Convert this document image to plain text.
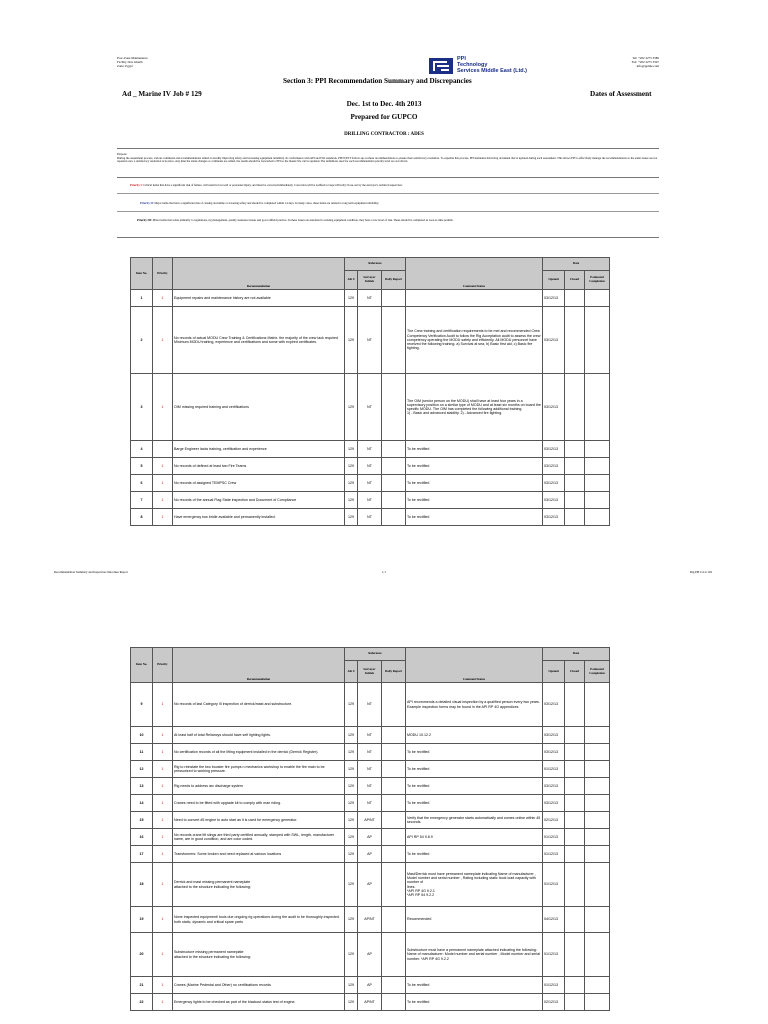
Proc-Zone Maintenance
Facility: Ras Gharib
Zone: Egypt
PPI
Technology
Services Middle East (Ltd.)
Tel: +202 2275 3580
Fax: +202 2275 3597
info@ppime.com
Section 3: PPI Recommendation Summary and Discrepancies
Ad _ Marine IV Job # 129	Dates of Assessment
Dec. 1st to Dec. 4th 2013
Prepared for GUPCO
DRILLING CONTRACTOR : ADES
Purpose:
During the assessment process, various comments and recommendations aimed at steadily improving safety and increasing equipment reliability. In conformance with API and ISO standards, PPI/WEST follows up on these recommendations to ensure their satisfactory resolution. To expedite this process, PPI maintains this living document that is updated during each assessment. This allows PPI to effectively manage the recommendations so the same issues are not repeated once a satisfactory resolution is in place. Any time the status changes or comments are added, the results should be forwarded to PPI so the master file can be updated. The definitions used for each recommendation priority level are as follows:
Priority I: Critical items that have a significant risk of failure, will result in lost well or personnel injury, and must be corrected immediately. Correction will be notified to Gupco/Priority Close-out by the surveyor's technical supervisor.
Priority II: Major items that have a significant risk of causing downtime or lowering safety and should be completed within 14 days. In many cases, these items are related to long term equipment reliability.
Priority III: Minor items that relate primarily to regulations, rig management, quality assurance issues and good oilfield practice. In these issues are unrelated to existing equipment condition, they have a low level of risk. These should be completed as soon as time permits.
Item No.	Priority	Recommendation	Reference			Comment/Status	Date		
			Job #	Surveyor Initials	Daily Report		Opened	Closed	Estimated Completion
1	1	Equipment repairs and maintenance history are not available	129	NT			03/12/13		
2	1	No records of actual MODU Crew Training & Certifications Matrix. the majority of the crew lack required Minimum MODU training, experience and certifications and some with expired certificates.	129	NT		The Crew training and certification requirements to be met and recommended Crew Competency Verification Audit to follow the Rig Acceptation audit to assess the crew competency operating the MODU safety and efficiently. All MODU personnel have received the following training. a) Survival at sea, b) Basic first aid, c) Basic fire fighting.	03/12/13		
3	1	OIM missing required training and certifications	129	NT		The OIM (senior person on the MODU) shall have at least four years in a supervisory position on a similar type of MODU and at least six months on board the specific MODU. The OIM has completed the following additional training.
1) - Basic and advanced stability. 2) - Advanced fire fighting.	03/12/13		
4		Barge Engineer lacks training, certification and experience	129	NT		To be rectified	03/12/13		
5	1	No records of defined at least two Fire Teams	129	NT		To be rectified	03/12/13		
6	1	No records of assigned TEMPSC Crew	129	NT		To be rectified	03/12/13		
7	1	No records of the annual Flag State inspection and Document of Compliance	129	NT		To be rectified	03/12/13		
8	1	Have emergency tow bridle available and permanently installed.	129	NT		To be rectified	03/12/13		
Recommendation Summary and Inspection Outcomes Report	1/1	Rig PPI Job # 129
Item No.	Priority	Recommendation	Reference			Comment/Status	Date		
			Job #	Surveyor Initials	Daily Report		Opened	Closed	Estimated Completion
9	1	No records of last Category III inspection of derrick/mast and substructure.	129	NT		API recommends a detailed visual inspection by a qualified person every two years. Example inspection forms may be found in the API RP 4G appendices	03/12/13		
10	1	At least half of total Reliancys should have self lighting lights.	129	NT		MODU 10.12.2	03/12/13		
11	1	No certification records of all the lifting equipment installed in the derrick (Derrick Register).	129	NT		To be rectified	03/12/13		
12	1	Rig to reinstate the two booster fire pumps n mechanics workshop to enable the fire main to be pressurized to working pressure.	129	NT		To be rectified	01/12/13		
13	1	Rig needs to address arc discharge system	129	NT		To be rectified	03/12/13		
14	1	Cranes need to be fitted with upgrade kit to comply with man riding.	129	NT		To be rectified	03/12/13		
15	1	Need to convert #5 engine to auto start as it is used for emergency generator.	129	AP/NT		Verify that the emergency generator starts automatically and comes online within 45 seconds.	02/12/13		
16	1	No records crane lift slings are third party certified annually, stamped with SWL, length, manufacturer name, are in good condition, and are color coded.	129	AP		API RP 54 9.8.9	01/12/13		
17	1	Transformers: Some broken and need replaced at various locations	129	AP		To be rectified	01/12/13		
18	1	Derrick and mast missing permanent nameplate
attached to the structure indicating the following:	129	AP		Mast/Derrick must have permanent nameplate indicating Name of manufacturer , Model number and serial number , Rating including static hook load capacity with number of
lines.
*API RP 4G 9.2.1
*API RP 54 9.2.2	01/12/13		
19	1	None Inspected equipment/ tools due ongoing rig operations during the audit to be thoroughly inspected both static, dynamic and critical spare parts	129	AP/NT		Recommended	04/12/13		
20	1	Substructure missing permanent nameplate
attached to the structure indicating the following:	129	AP		Substructure must have a permanent nameplate attached indicating the following:
Name of manufacturer: Model number and serial number , Model number and serial number. *API RP 4G 9.2.2	01/12/13		
21	1	Cranes (Marine Pedestal and Other) no certifications records	129	AP		To be rectified	01/12/13		
22	1	Emergency lights to be checked as part of the blackout status test of engine.	129	AP/NT		To be rectified	02/12/13		
